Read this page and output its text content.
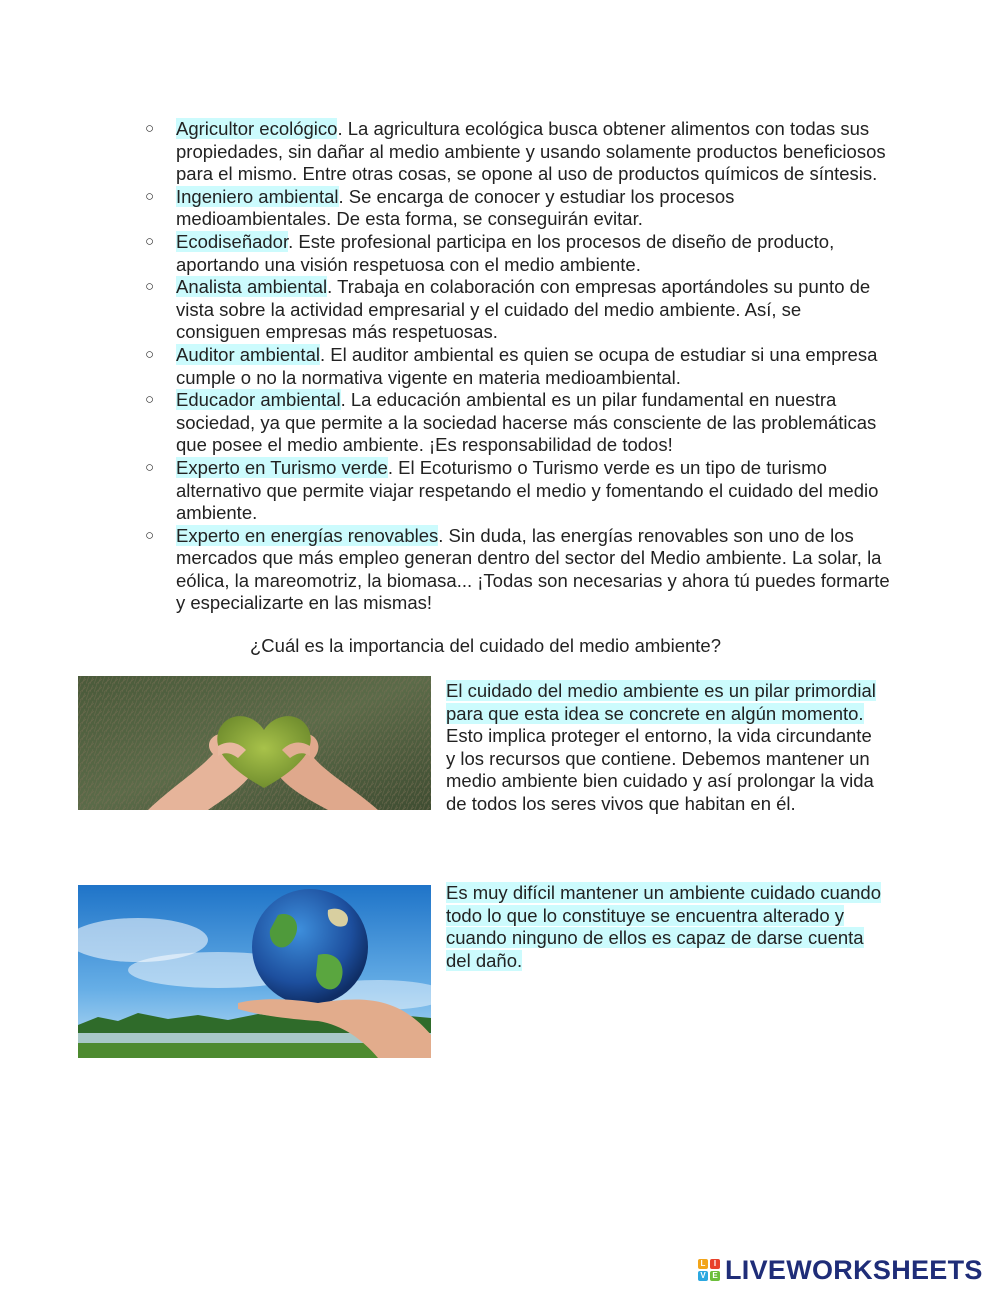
○	Agricultor ecológico. La agricultura ecológica busca obtener alimentos con todas sus propiedades, sin dañar al medio ambiente y usando solamente productos beneficiosos para el mismo. Entre otras cosas, se opone al uso de productos químicos de síntesis.
○	Ingeniero ambiental. Se encarga de conocer y estudiar los procesos medioambientales. De esta forma, se conseguirán evitar.
○	Ecodiseñador. Este profesional participa en los procesos de diseño de producto, aportando una visión respetuosa con el medio ambiente.
○	Analista ambiental. Trabaja en colaboración con empresas aportándoles su punto de vista sobre la actividad empresarial y el cuidado del medio ambiente. Así, se consiguen empresas más respetuosas.
○	Auditor ambiental. El auditor ambiental es quien se ocupa de estudiar si una empresa cumple o no la normativa vigente en materia medioambiental.
○	Educador ambiental. La educación ambiental es un pilar fundamental en nuestra sociedad, ya que permite a la sociedad hacerse más consciente de las problemáticas que posee el medio ambiente. ¡Es responsabilidad de todos!
○	Experto en Turismo verde. El Ecoturismo o Turismo verde es un tipo de turismo alternativo que permite viajar respetando el medio y fomentando el cuidado del medio ambiente.
○	Experto en energías renovables. Sin duda, las energías renovables son uno de los mercados que más empleo generan dentro del sector del Medio ambiente. La solar, la eólica, la mareomotriz, la biomasa... ¡Todas son necesarias y ahora tú puedes formarte y especializarte en las mismas!
¿Cuál es la importancia del cuidado del medio ambiente?
El cuidado del medio ambiente es un pilar primordial para que esta idea se concrete en algún momento. Esto implica proteger el entorno, la vida circundante y los recursos que contiene. Debemos mantener un medio ambiente bien cuidado y así prolongar la vida de todos los seres vivos que habitan en él.
Es muy difícil mantener un ambiente cuidado cuando todo lo que lo constituye se encuentra alterado y cuando ninguno de ellos es capaz de darse cuenta del daño.
L	I
V E LIVEWORKSHEETS
